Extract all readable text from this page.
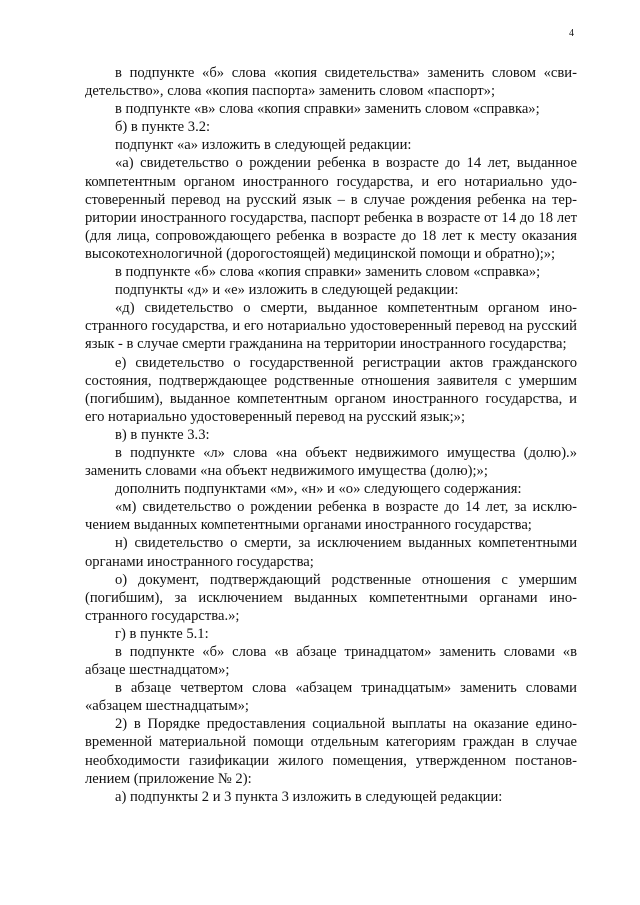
4

в подпункте «б» слова «копия свидетельства» заменить словом «свидетельство», слова «копия паспорта» заменить словом «паспорт»;

в подпункте «в» слова «копия справки» заменить словом «справка»;

б) в пункте 3.2:

подпункт «а» изложить в следующей редакции:

«а) свидетельство о рождении ребенка в возрасте до 14 лет, выданное компетентным органом иностранного государства, и его нотариально удостоверенный перевод на русский язык – в случае рождения ребенка на территории иностранного государства, паспорт ребенка в возрасте от 14 до 18 лет (для лица, сопровождающего ребенка в возрасте до 18 лет к месту оказания высокотехнологичной (дорогостоящей) медицинской помощи и обратно);»;

в подпункте «б» слова «копия справки» заменить словом «справка»;

подпункты «д» и «е» изложить в следующей редакции:

«д) свидетельство о смерти, выданное компетентным органом иностранного государства, и его нотариально удостоверенный перевод на русский язык - в случае смерти гражданина на территории иностранного государства;

е) свидетельство о государственной регистрации актов гражданского состояния, подтверждающее родственные отношения заявителя с умершим (погибшим), выданное компетентным органом иностранного государства, и его нотариально удостоверенный перевод на русский язык;»;

в) в пункте 3.3:

в подпункте «л» слова «на объект недвижимого имущества (долю).» заменить словами «на объект недвижимого имущества (долю);»;

дополнить подпунктами «м», «н» и «о» следующего содержания:

«м) свидетельство о рождении ребенка в возрасте до 14 лет, за исключением выданных компетентными органами иностранного государства;

н) свидетельство о смерти, за исключением выданных компетентными органами иностранного государства;

о) документ, подтверждающий родственные отношения с умершим (погибшим), за исключением выданных компетентными органами иностранного государства.»;

г) в пункте 5.1:

в подпункте «б» слова «в абзаце тринадцатом» заменить словами «в абзаце шестнадцатом»;

в абзаце четвертом слова «абзацем тринадцатым» заменить словами «абзацем шестнадцатым»;

2) в Порядке предоставления социальной выплаты на оказание единовременной материальной помощи отдельным категориям граждан в случае необходимости газификации жилого помещения, утвержденном постановлением (приложение № 2):

а) подпункты 2 и 3 пункта 3 изложить в следующей редакции:
